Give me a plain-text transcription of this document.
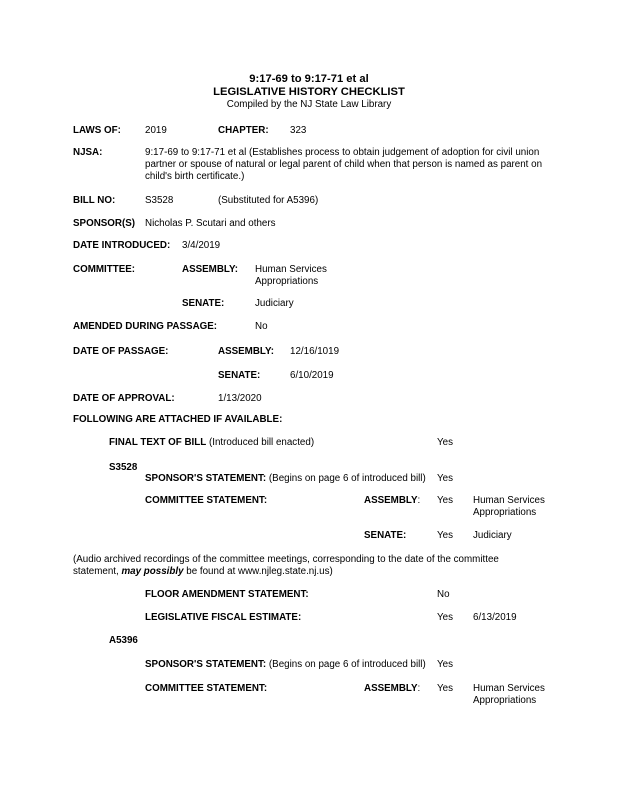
9:17-69 to 9:17-71 et al
LEGISLATIVE HISTORY CHECKLIST
Compiled by the NJ State Law Library
LAWS OF: 2019	CHAPTER: 323
NJSA:	9:17-69 to 9:17-71 et al (Establishes process to obtain judgement of adoption for civil union
partner or spouse of natural or legal parent of child when that person is named as parent on
child's birth certificate.)
BILL NO:	S3528	(Substituted for A5396)
SPONSOR(S) Nicholas P. Scutari and others
DATE INTRODUCED: 3/4/2019
COMMITTEE:	ASSEMBLY: Human Services
Appropriations
SENATE:	Judiciary
AMENDED DURING PASSAGE:	No
DATE OF PASSAGE:	ASSEMBLY: 12/16/1019
SENATE:	6/10/2019
DATE OF APPROVAL:	1/13/2020
FOLLOWING ARE ATTACHED IF AVAILABLE:
FINAL TEXT OF BILL (Introduced bill enacted)	Yes
S3528
SPONSOR'S STATEMENT: (Begins on page 6 of introduced bill) Yes
COMMITTEE STATEMENT:	ASSEMBLY: Yes Human Services
Appropriations
SENATE:	Yes Judiciary
(Audio archived recordings of the committee meetings, corresponding to the date of the committee
statement, may possibly be found at www.njleg.state.nj.us)
FLOOR AMENDMENT STATEMENT:	No
LEGISLATIVE FISCAL ESTIMATE:	Yes 6/13/2019
A5396
SPONSOR'S STATEMENT: (Begins on page 6 of introduced bill) Yes
COMMITTEE STATEMENT:	ASSEMBLY: Yes Human Services
Appropriations
